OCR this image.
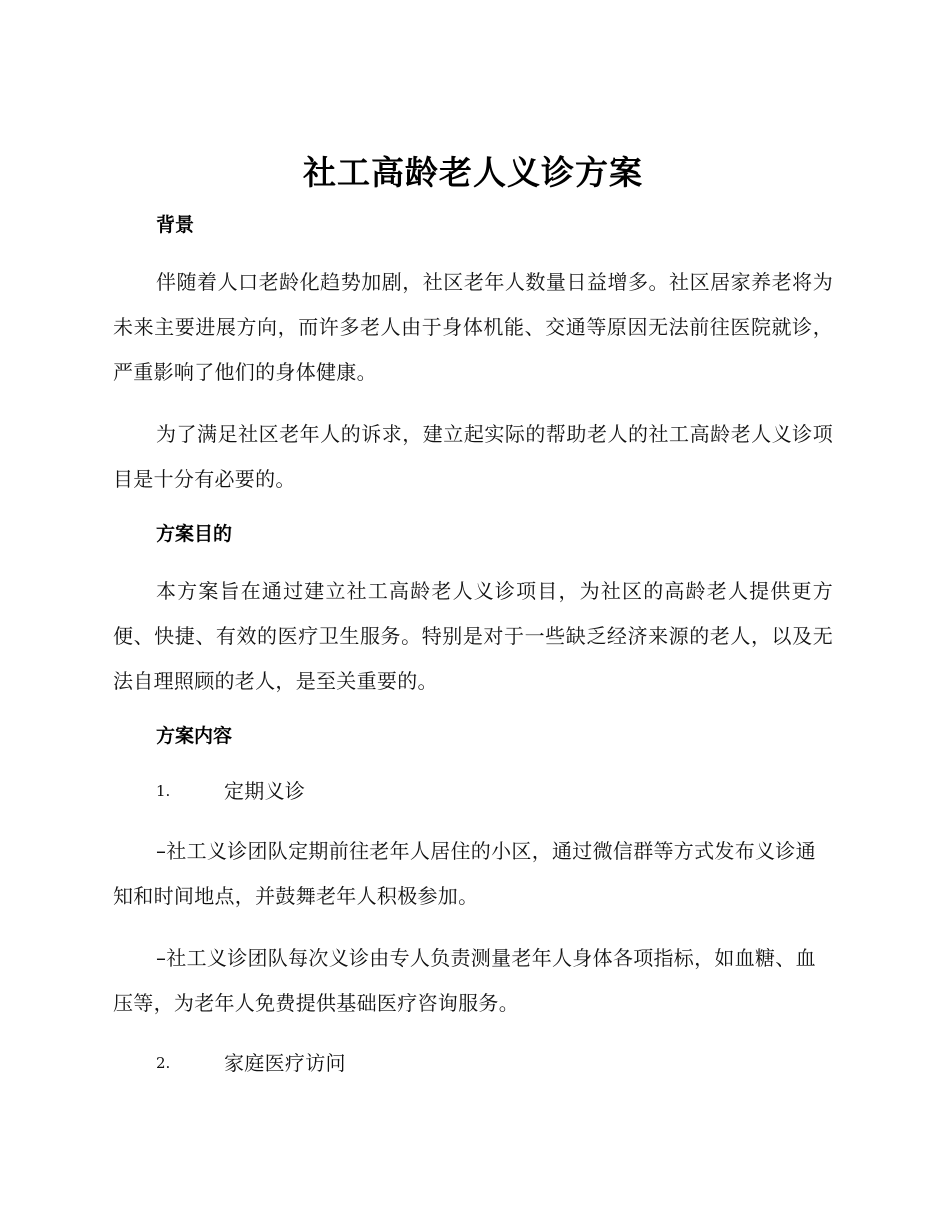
社工高龄老人义诊方案
背景

伴随着人口老龄化趋势加剧，社区老年人数量日益增多。社区居家养老将为未来主要进展方向，而许多老人由于身体机能、交通等原因无法前往医院就诊，严重影响了他们的身体健康。

为了满足社区老年人的诉求，建立起实际的帮助老人的社工高龄老人义诊项目是十分有必要的。

方案目的

本方案旨在通过建立社工高龄老人义诊项目，为社区的高龄老人提供更方便、快捷、有效的医疗卫生服务。特别是对于一些缺乏经济来源的老人，以及无法自理照顾的老人，是至关重要的。

方案内容
1.	定期义诊

–社工义诊团队定期前往老年人居住的小区，通过微信群等方式发布义诊通知和时间地点，并鼓舞老年人积极参加。

–社工义诊团队每次义诊由专人负责测量老年人身体各项指标，如血糖、血压等，为老年人免费提供基础医疗咨询服务。

2.	家庭医疗访问
